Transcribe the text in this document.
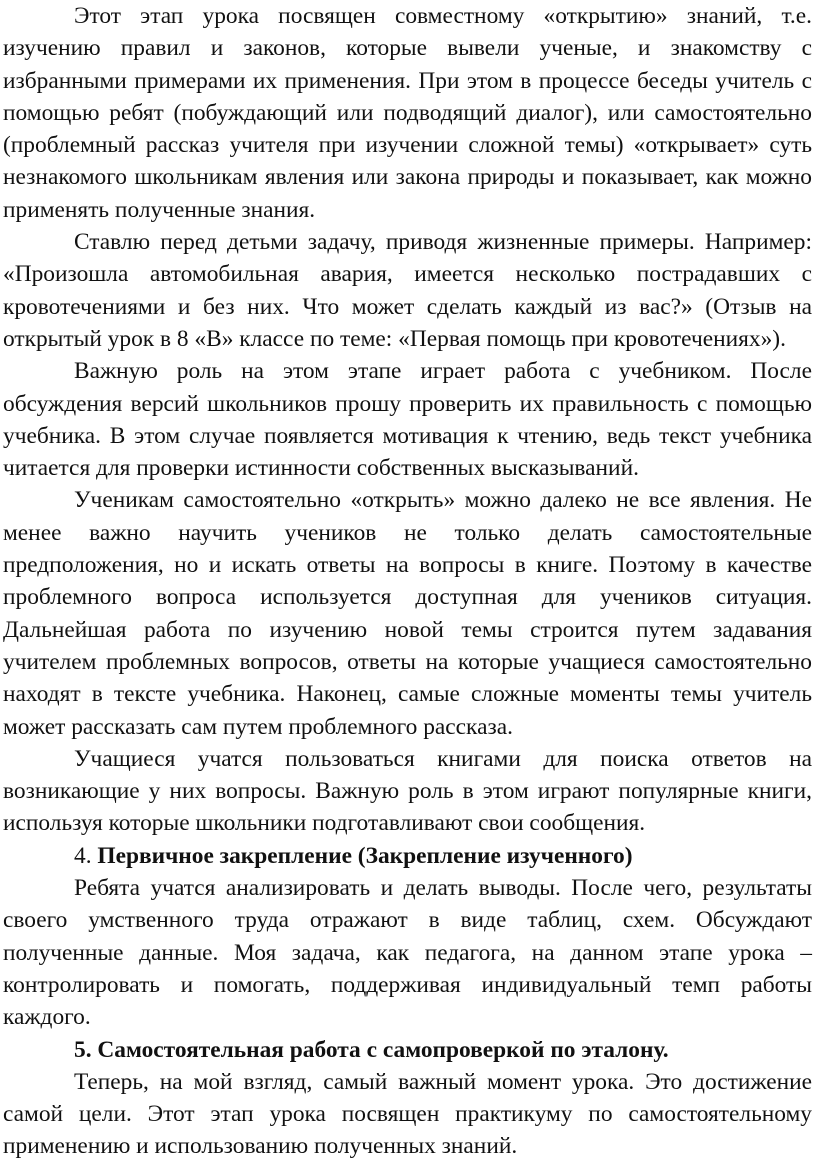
Этот этап урока посвящен совместному «открытию» знаний, т.е. изучению правил и законов, которые вывели ученые, и знакомству с избранными примерами их применения. При этом в процессе беседы учитель с помощью ребят (побуждающий или подводящий диалог), или самостоятельно (проблемный рассказ учителя при изучении сложной темы) «открывает» суть незнакомого школьникам явления или закона природы и показывает, как можно применять полученные знания.

Ставлю перед детьми задачу, приводя жизненные примеры. Например: «Произошла автомобильная авария, имеется несколько пострадавших с кровотечениями и без них. Что может сделать каждый из вас?» (Отзыв на открытый урок в 8 «В» классе по теме: «Первая помощь при кровотечениях»).

Важную роль на этом этапе играет работа с учебником. После обсуждения версий школьников прошу проверить их правильность с помощью учебника. В этом случае появляется мотивация к чтению, ведь текст учебника читается для проверки истинности собственных высказываний.

Ученикам самостоятельно «открыть» можно далеко не все явления. Не менее важно научить учеников не только делать самостоятельные предположения, но и искать ответы на вопросы в книге. Поэтому в качестве проблемного вопроса используется доступная для учеников ситуация. Дальнейшая работа по изучению новой темы строится путем задавания учителем проблемных вопросов, ответы на которые учащиеся самостоятельно находят в тексте учебника. Наконец, самые сложные моменты темы учитель может рассказать сам путем проблемного рассказа.

Учащиеся учатся пользоваться книгами для поиска ответов на возникающие у них вопросы. Важную роль в этом играют популярные книги, используя которые школьники подготавливают свои сообщения.

4. Первичное закрепление (Закрепление изученного)

Ребята учатся анализировать и делать выводы. После чего, результаты своего умственного труда отражают в виде таблиц, схем. Обсуждают полученные данные. Моя задача, как педагога, на данном этапе урока – контролировать и помогать, поддерживая индивидуальный темп работы каждого.

5. Самостоятельная работа с самопроверкой по эталону.

Теперь, на мой взгляд, самый важный момент урока. Это достижение самой цели. Этот этап урока посвящен практикуму по самостоятельному применению и использованию полученных знаний.
